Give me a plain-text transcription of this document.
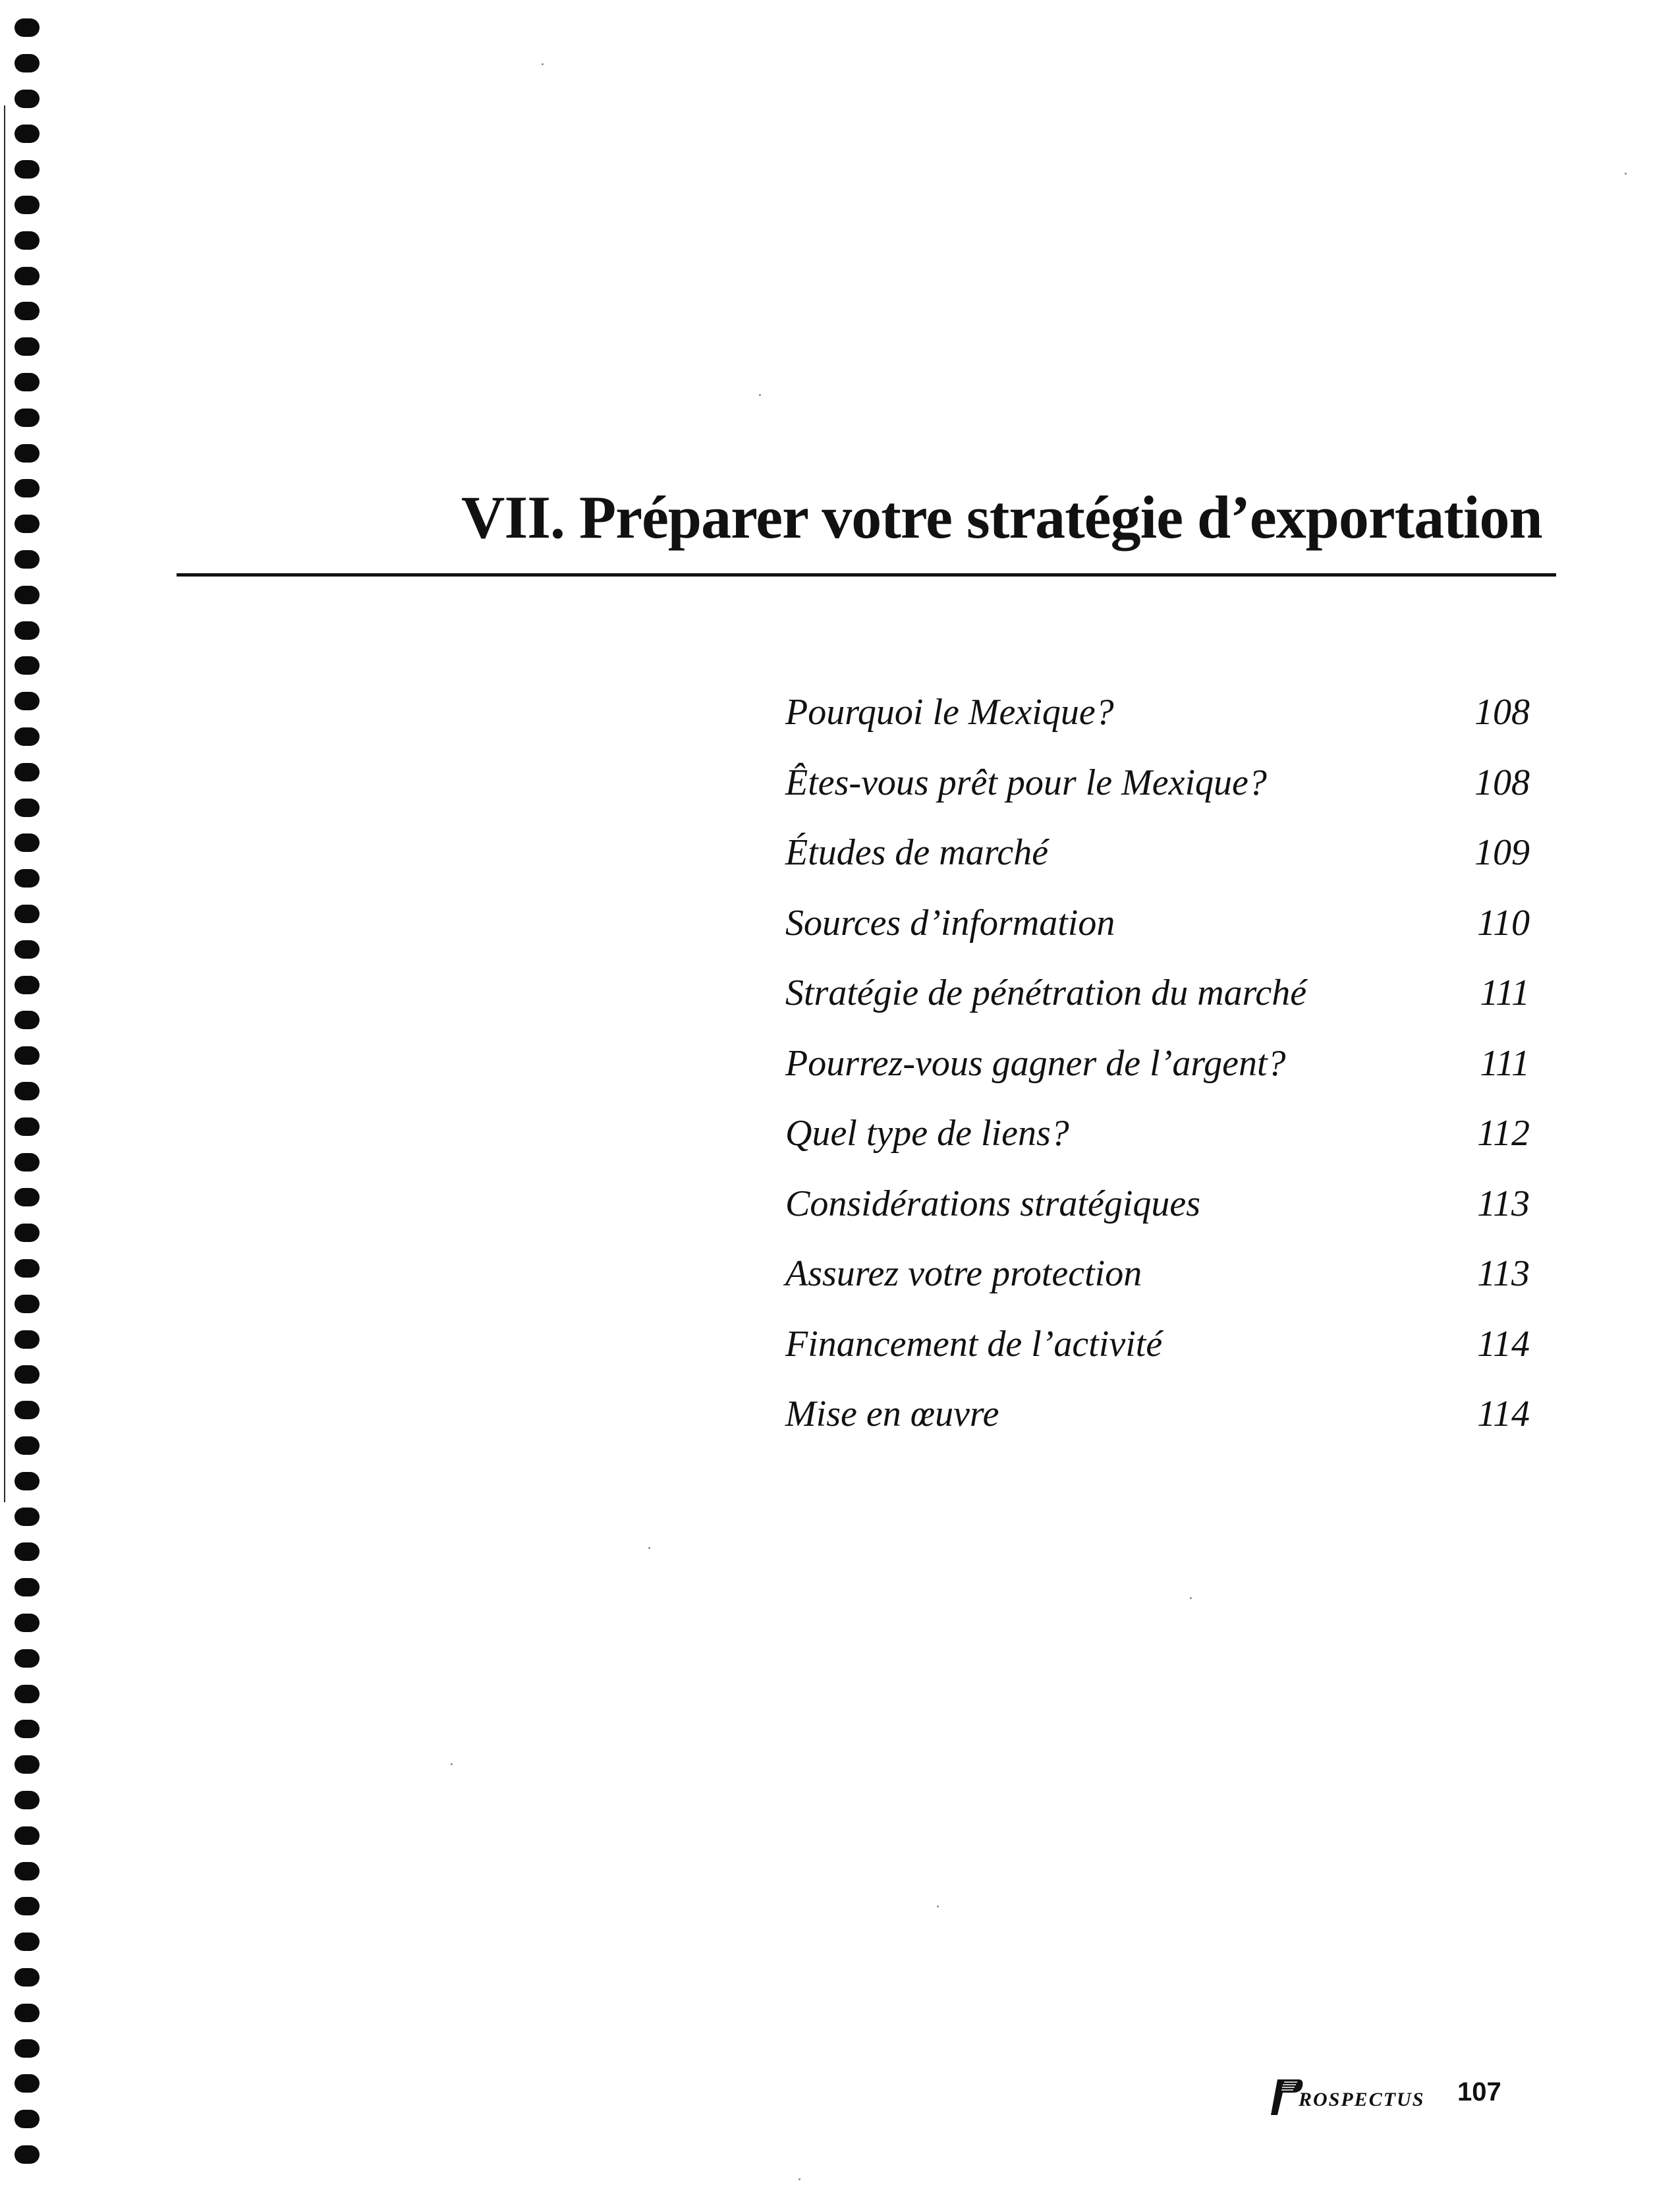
VII. Préparer votre stratégie d’exportation
Pourquoi le Mexique?	108
Êtes-vous prêt pour le Mexique?	108
Études de marché	109
Sources d’information	110
Stratégie de pénétration du marché	111
Pourrez-vous gagner de l’argent?	111
Quel type de liens?	112
Considérations stratégiques	113
Assurez votre protection	113
Financement de l’activité	114
Mise en œuvre	114
ROSPECTUS 107
